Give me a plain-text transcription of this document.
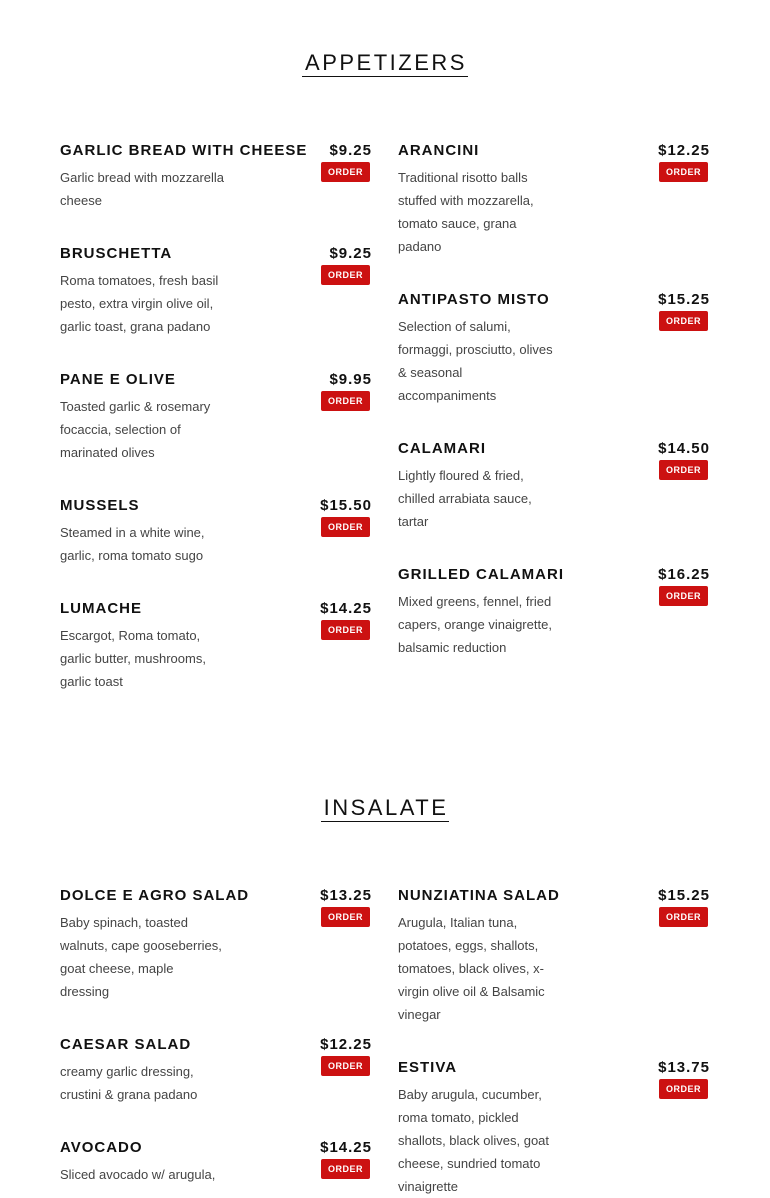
APPETIZERS
GARLIC BREAD WITH CHEESE $9.25
Garlic bread with mozzarella cheese
ORDER
BRUSCHETTA	$9.25
Roma tomatoes, fresh basil pesto, extra virgin olive oil, garlic toast, grana padano
ORDER
PANE E OLIVE	$9.95
Toasted garlic & rosemary focaccia, selection of marinated olives
ORDER
MUSSELS	$15.50
Steamed in a white wine, garlic, roma tomato sugo
ORDER
LUMACHE	$14.25
Escargot, Roma tomato, garlic butter, mushrooms, garlic toast
ORDER
ARANCINI	$12.25
Traditional risotto balls stuffed with mozzarella, tomato sauce, grana padano
ORDER
ANTIPASTO MISTO	$15.25
Selection of salumi, formaggi, prosciutto, olives & seasonal accompaniments
ORDER
CALAMARI	$14.50
Lightly floured & fried, chilled arrabiata sauce, tartar
ORDER
GRILLED CALAMARI	$16.25
Mixed greens, fennel, fried capers, orange vinaigrette, balsamic reduction
ORDER
INSALATE
DOLCE E AGRO SALAD	$13.25
Baby spinach, toasted walnuts, cape gooseberries, goat cheese, maple dressing
ORDER
CAESAR SALAD	$12.25
creamy garlic dressing, crustini & grana padano
ORDER
AVOCADO	$14.25
Sliced avocado w/ arugula,	ORDER
NUNZIATINA SALAD	$15.25
Arugula, Italian tuna, potatoes, eggs, shallots, tomatoes, black olives, x-virgin olive oil & Balsamic vinegar
ORDER
ESTIVA	$13.75
Baby arugula, cucumber, roma tomato, pickled shallots, black olives, goat cheese, sundried tomato vinaigrette
ORDER
